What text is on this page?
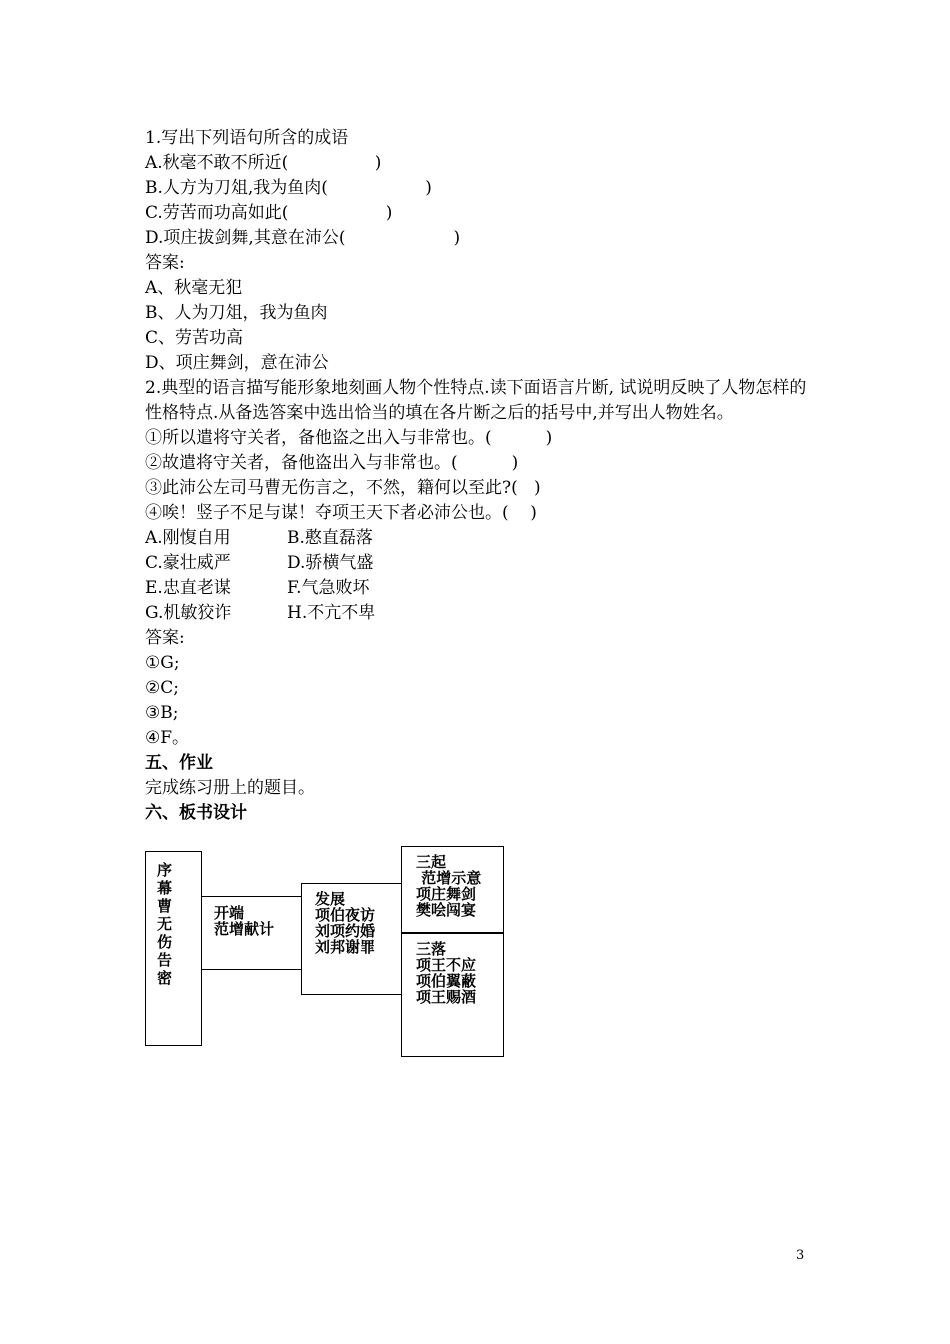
1.写出下列语句所含的成语
A.秋毫不敢不所近(                )
B.人方为刀俎,我为鱼肉(                  )
C.劳苦而功高如此(                  )
D.项庄拔剑舞,其意在沛公(                    )
答案:
A、秋毫无犯
B、人为刀俎，我为鱼肉
C、劳苦功高
D、项庄舞剑，意在沛公
2.典型的语言描写能形象地刻画人物个性特点.读下面语言片断, 试说明反映了人物怎样的性格特点.从备选答案中选出恰当的填在各片断之后的括号中,并写出人物姓名。
①所以遣将守关者，备他盗之出入与非常也。(          )
②故遣将守关者，备他盗出入与非常也。(          )
③此沛公左司马曹无伤言之，不然，籍何以至此?(   )
④唉！竖子不足与谋！夺项王天下者必沛公也。(    )
A.刚愎自用	B.憨直磊落
C.豪壮威严	D.骄横气盛
E.忠直老谋	F.气急败坏
G.机敏狡诈	H.不亢不卑
答案:
①G;
②C;
③B;
④F。
五、作业
完成练习册上的题目。
六、板书设计
序幕曹无伤告密
开端
范增献计
发展
项伯夜访
刘项约婚
刘邦谢罪
三起
范增示意
项庄舞剑
樊哙闯宴
三落
项王不应
项伯翼蔽
项王赐酒
3
